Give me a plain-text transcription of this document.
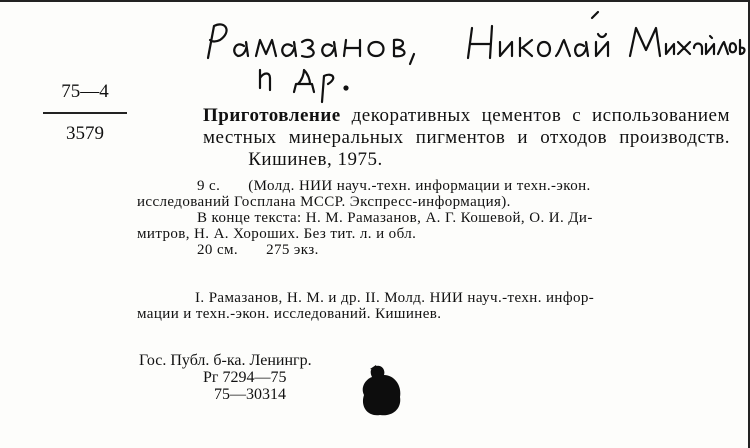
75—4
3579
Приготовление декоративных цементов с использованием местных минеральных пигментов и отходов производств.  Кишинев, 1975.
9 с. (Молд. НИИ науч.-техн. информации и техн.-экон.
исследований Госплана МССР. Экспресс-информация).
В конце текста: Н. М. Рамазанов, А. Г. Кошевой, О. И. Ди-
митров, Н. А. Хороших. Без тит. л. и обл.
20 см. 275 экз.
I. Рамазанов, Н. М. и др. II. Молд. НИИ науч.-техн. инфор-
мации и техн.-экон. исследований. Кишинев.
Гос. Публ. б-ка. Ленингр.
Рг 7294—75
75—30314
